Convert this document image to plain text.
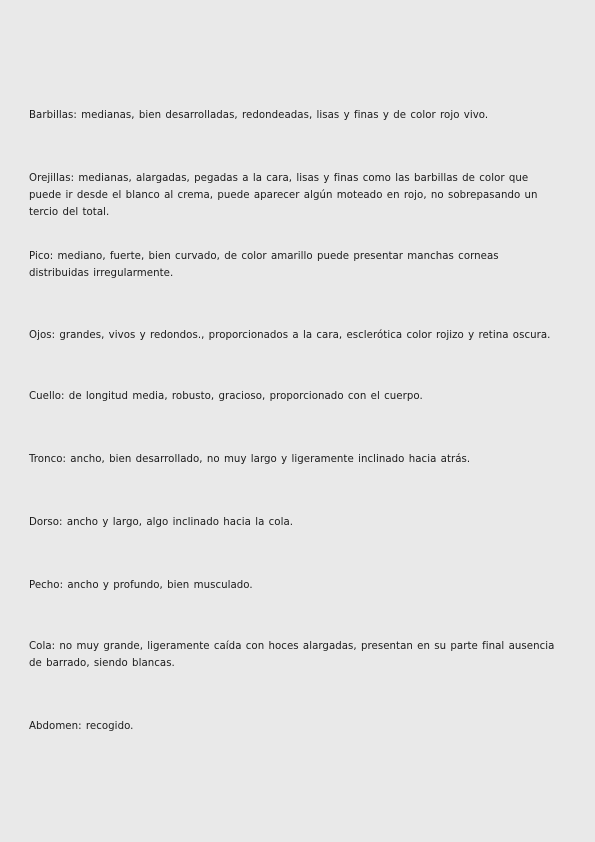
Barbillas: medianas, bien desarrolladas, redondeadas, lisas y finas y de color rojo vivo.

Orejillas: medianas, alargadas, pegadas a la cara, lisas y finas como las barbillas de color que puede ir desde el blanco al crema, puede aparecer algún moteado en rojo, no sobrepasando un tercio del total.

Pico: mediano, fuerte, bien curvado, de color amarillo puede presentar manchas corneas distribuidas irregularmente.

Ojos: grandes, vivos y redondos., proporcionados a la cara, esclerótica color rojizo y retina oscura.

Cuello: de longitud media, robusto, gracioso, proporcionado con el cuerpo.

Tronco: ancho, bien desarrollado, no muy largo y ligeramente inclinado hacia atrás.

Dorso: ancho y largo, algo inclinado hacia la cola.

Pecho: ancho y profundo, bien musculado.

Cola: no muy grande, ligeramente caída con hoces alargadas, presentan en su parte final ausencia de barrado, siendo blancas.

Abdomen: recogido.
